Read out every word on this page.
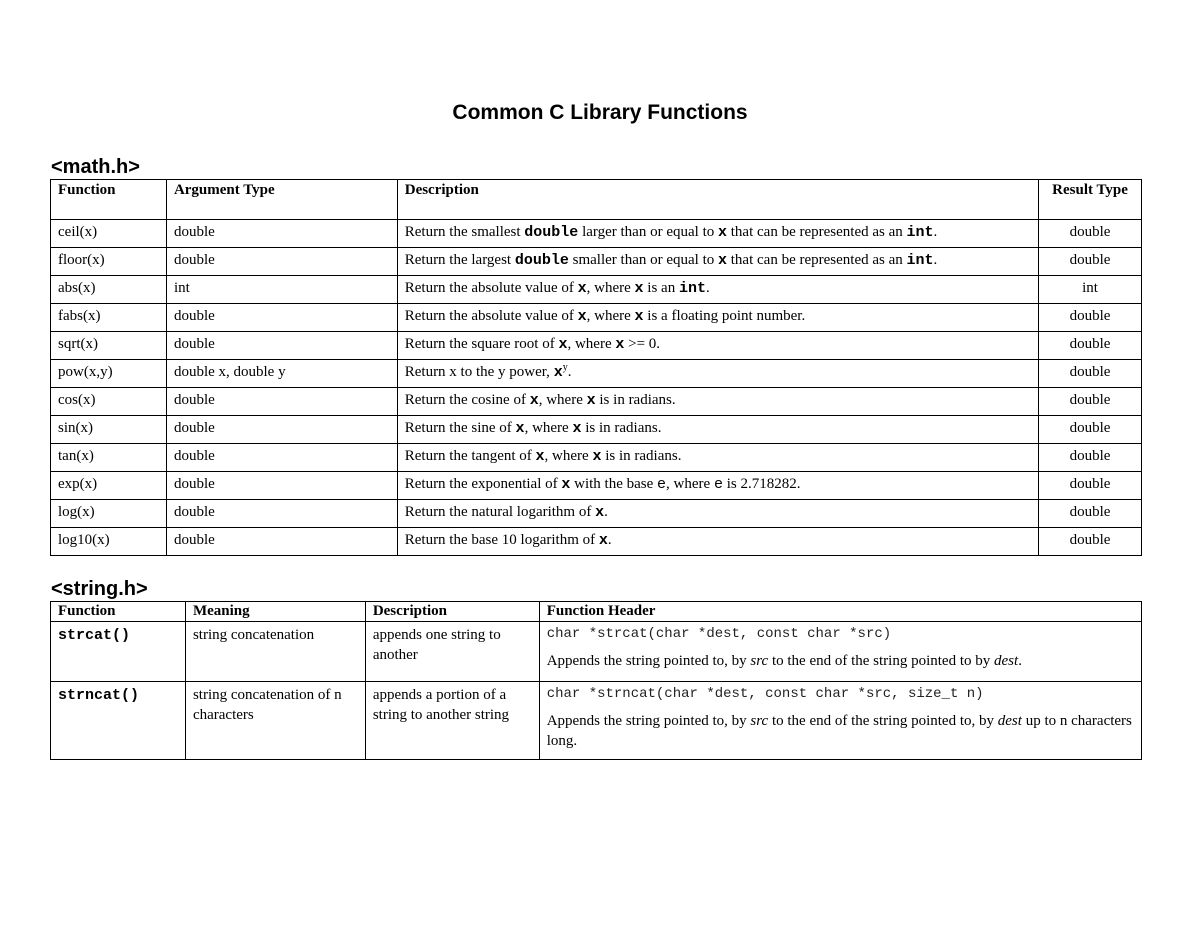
Common C Library Functions
<math.h>
Function	Argument Type	Description	Result Type
ceil(x)	double	Return the smallest double larger than or equal to x that can be represented as an int.	double
floor(x)	double	Return the largest double smaller than or equal to x that can be represented as an int.	double
abs(x)	int	Return the absolute value of x, where x is an int.	int
fabs(x)	double	Return the absolute value of x, where x is a floating point number.	double
sqrt(x)	double	Return the square root of x, where x >= 0.	double
pow(x,y)	double x, double y	Return x to the y power, $x^y$.	double
cos(x)	double	Return the cosine of x, where x is in radians.	double
sin(x)	double	Return the sine of x, where x is in radians.	double
tan(x)	double	Return the tangent of x, where x is in radians.	double
exp(x)	double	Return the exponential of x with the base e, where e is 2.718282.	double
log(x)	double	Return the natural logarithm of x.	double
log10(x)	double	Return the base 10 logarithm of x.	double
<string.h>
Function	Meaning	Description	Function Header
strcat()	string concatenation	appends one string to another	char *strcat(char *dest, const char *src)
Appends the string pointed to, by src to the end of the string pointed to by dest.

strncat()	string concatenation of n characters	appends a portion of a string to another string	char *strncat(char *dest, const char *src, size_t n)
Appends the string pointed to, by src to the end of the string pointed to, by dest up to n characters long.
